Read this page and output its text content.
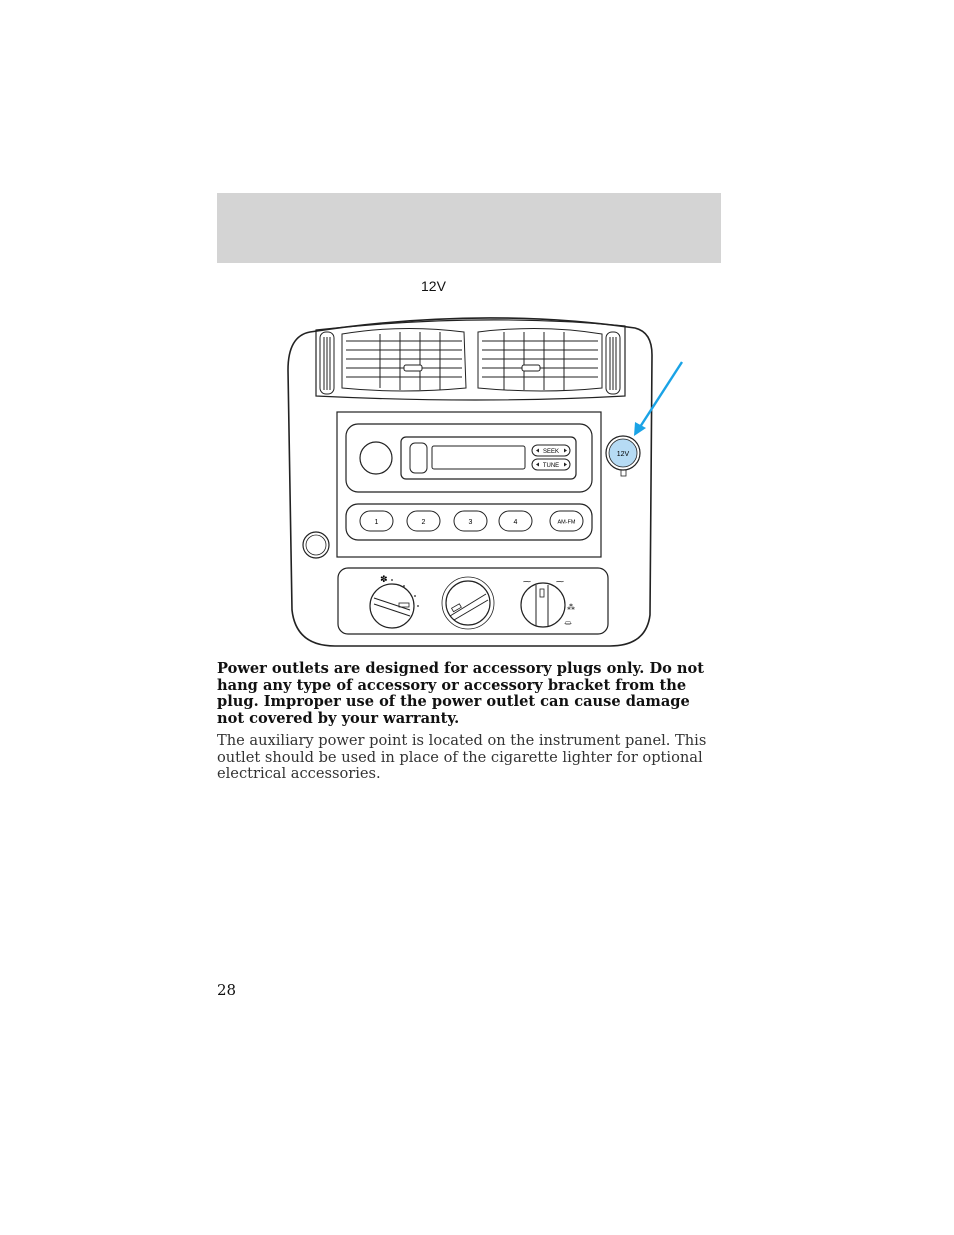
12V
SEEK
TUNE
1	2	3	4	AM-FM
12V
✽	⁓	⁓
⁂
⏛

Power outlets are designed for accessory plugs only. Do not hang any type of accessory or accessory bracket from the plug. Improper use of the power outlet can cause damage not covered by your warranty.

The auxiliary power point is located on the instrument panel. This outlet should be used in place of the cigarette lighter for optional electrical accessories.

28
